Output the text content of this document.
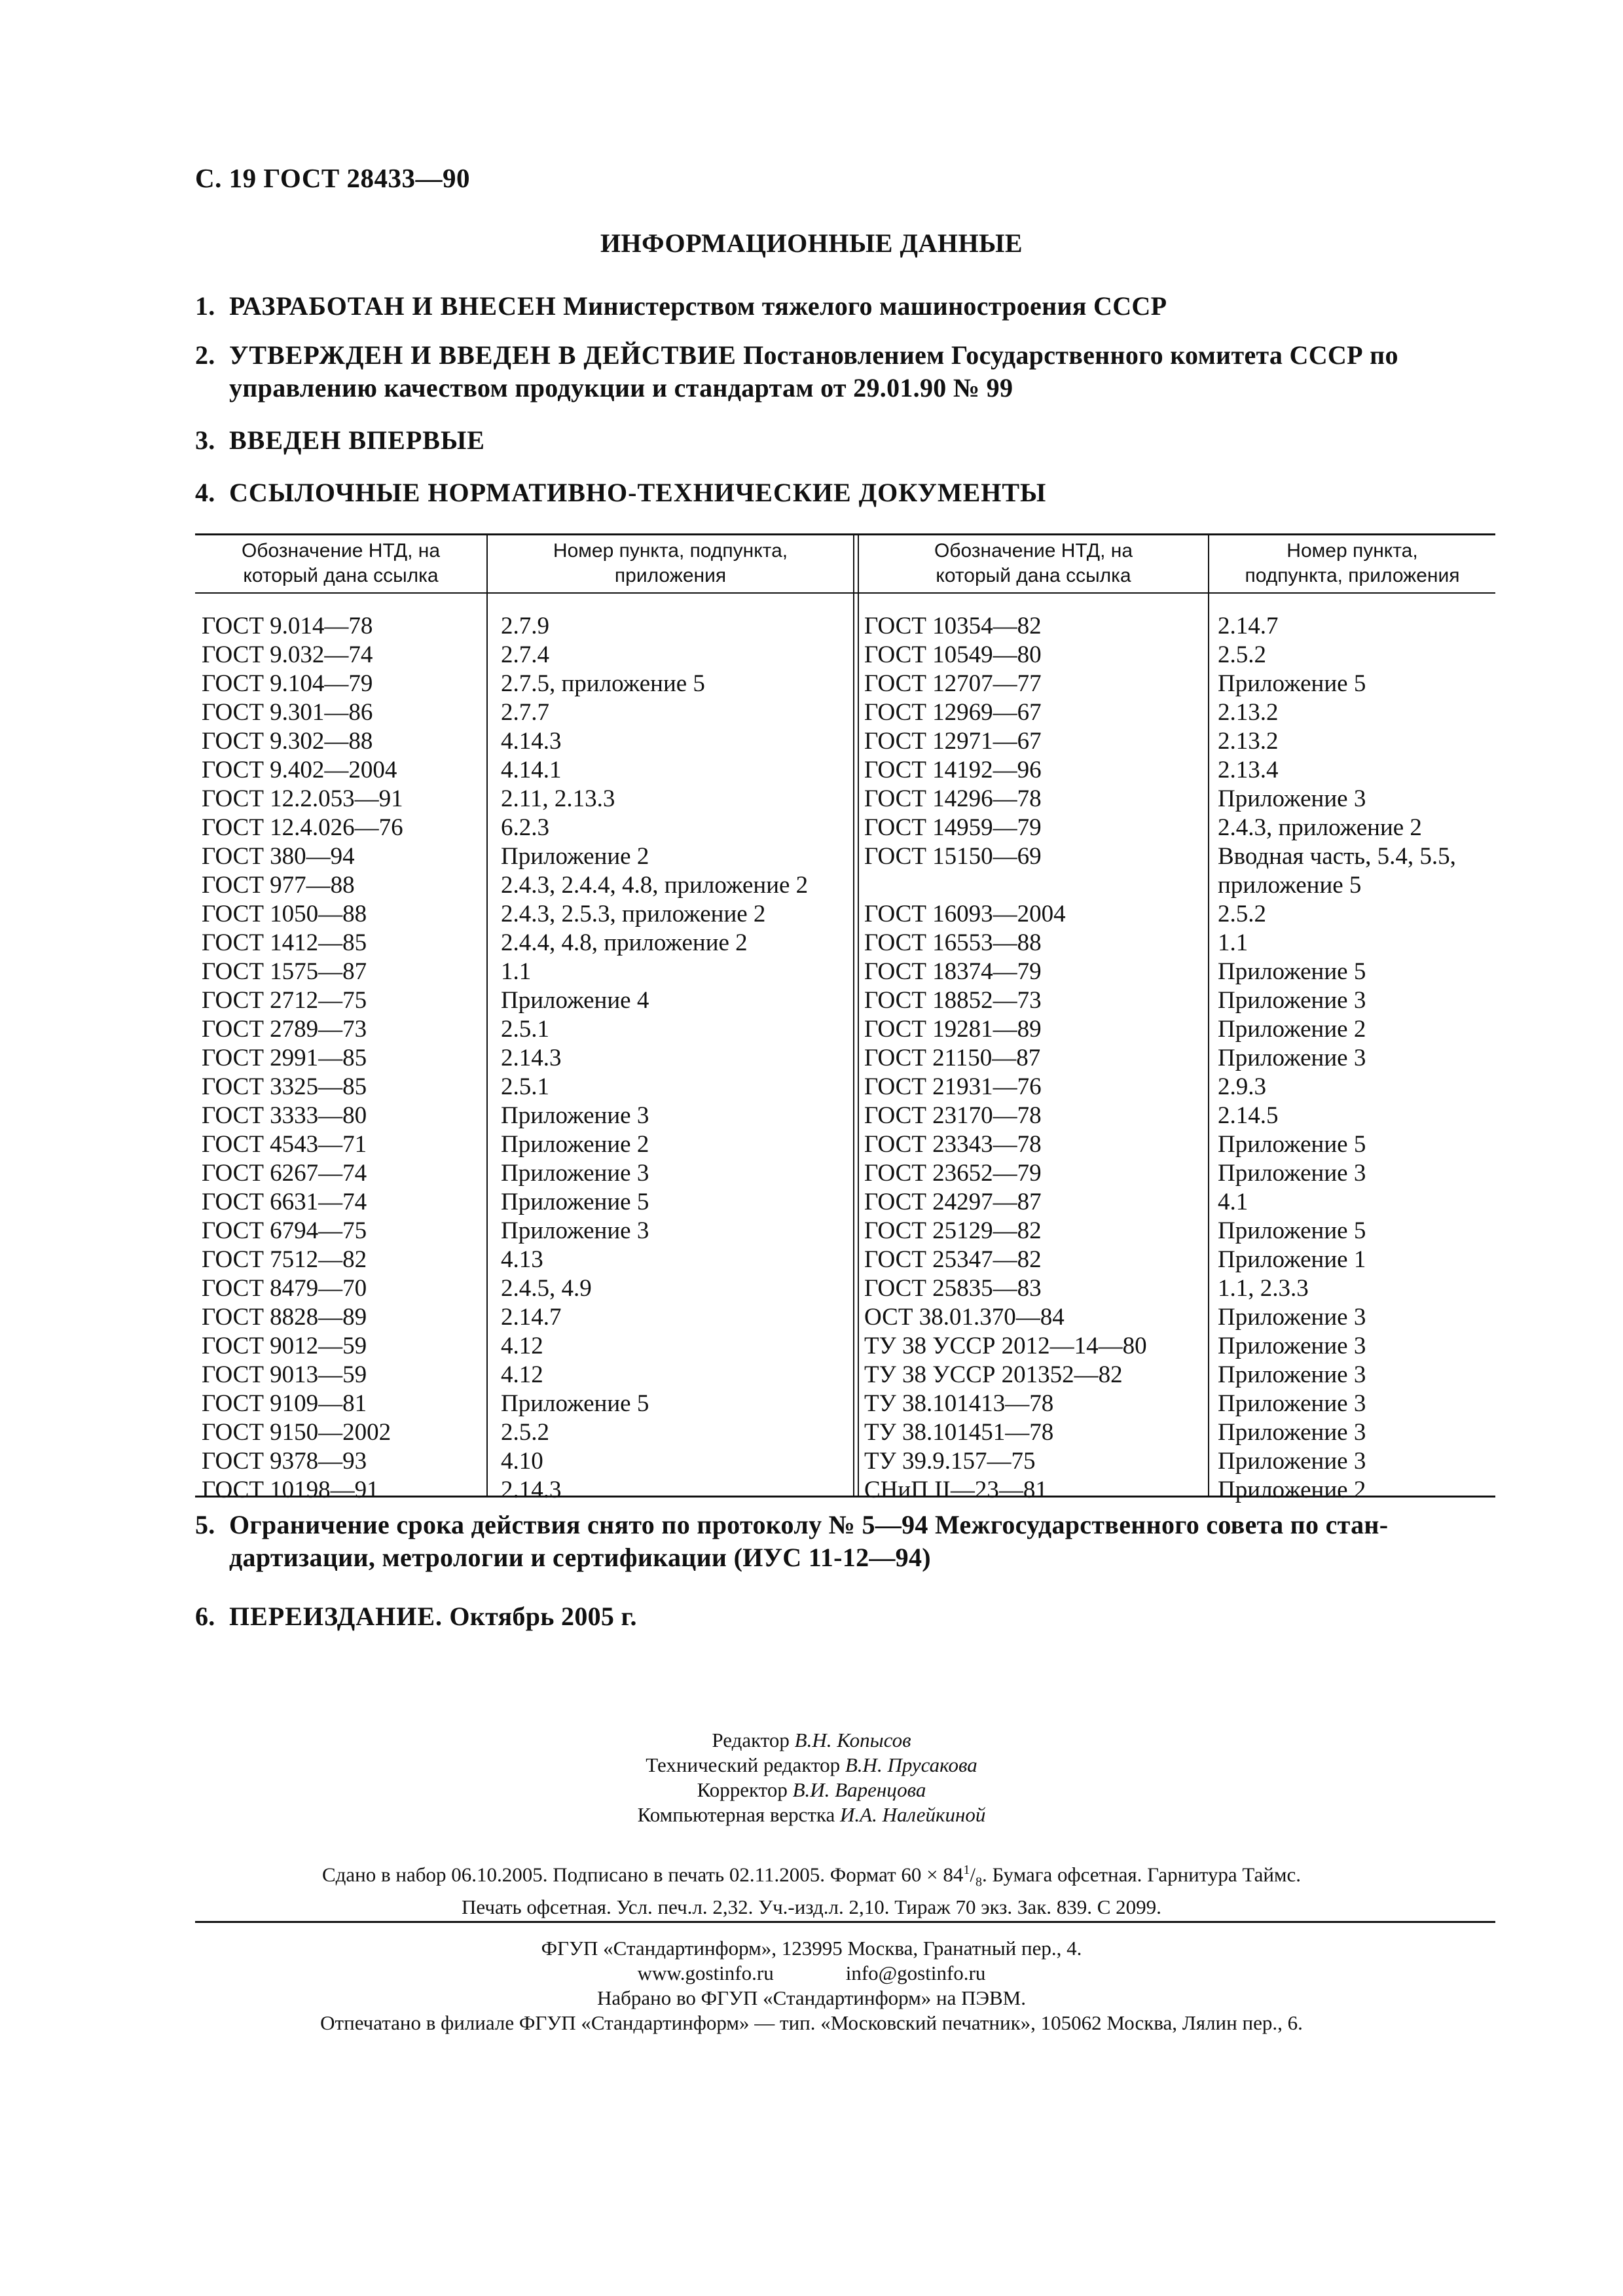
С. 19 ГОСТ 28433—90
ИНФОРМАЦИОННЫЕ ДАННЫЕ
1. РАЗРАБОТАН И ВНЕСЕН Министерством тяжелого машиностроения СССР
2. УТВЕРЖДЕН И ВВЕДЕН В ДЕЙСТВИЕ Постановлением Государственного комитета СССР по
управлению качеством продукции и стандартам от 29.01.90 № 99
3. ВВЕДЕН ВПЕРВЫЕ
4. ССЫЛОЧНЫЕ НОРМАТИВНО-ТЕХНИЧЕСКИЕ ДОКУМЕНТЫ
Обозначение НТД, на
который дана ссылка
Номер пункта, подпункта,
приложения
Обозначение НТД, на
который дана ссылка
Номер пункта,
подпункта, приложения
ГОСТ 9.014—78
ГОСТ 9.032—74
ГОСТ 9.104—79
ГОСТ 9.301—86
ГОСТ 9.302—88
ГОСТ 9.402—2004
ГОСТ 12.2.053—91
ГОСТ 12.4.026—76
ГОСТ 380—94
ГОСТ 977—88
ГОСТ 1050—88
ГОСТ 1412—85
ГОСТ 1575—87
ГОСТ 2712—75
ГОСТ 2789—73
ГОСТ 2991—85
ГОСТ 3325—85
ГОСТ 3333—80
ГОСТ 4543—71
ГОСТ 6267—74
ГОСТ 6631—74
ГОСТ 6794—75
ГОСТ 7512—82
ГОСТ 8479—70
ГОСТ 8828—89
ГОСТ 9012—59
ГОСТ 9013—59
ГОСТ 9109—81
ГОСТ 9150—2002
ГОСТ 9378—93
ГОСТ 10198—91
2.7.9
2.7.4
2.7.5, приложение 5
2.7.7
4.14.3
4.14.1
2.11, 2.13.3
6.2.3
Приложение 2
2.4.3, 2.4.4, 4.8, приложение 2
2.4.3, 2.5.3, приложение 2
2.4.4, 4.8, приложение 2
1.1
Приложение 4
2.5.1
2.14.3
2.5.1
Приложение 3
Приложение 2
Приложение 3
Приложение 5
Приложение 3
4.13
2.4.5, 4.9
2.14.7
4.12
4.12
Приложение 5
2.5.2
4.10
2.14.3
ГОСТ 10354—82
ГОСТ 10549—80
ГОСТ 12707—77
ГОСТ 12969—67
ГОСТ 12971—67
ГОСТ 14192—96
ГОСТ 14296—78
ГОСТ 14959—79
ГОСТ 15150—69
ГОСТ 16093—2004
ГОСТ 16553—88
ГОСТ 18374—79
ГОСТ 18852—73
ГОСТ 19281—89
ГОСТ 21150—87
ГОСТ 21931—76
ГОСТ 23170—78
ГОСТ 23343—78
ГОСТ 23652—79
ГОСТ 24297—87
ГОСТ 25129—82
ГОСТ 25347—82
ГОСТ 25835—83
ОСТ 38.01.370—84
ТУ 38 УССР 2012—14—80
ТУ 38 УССР 201352—82
ТУ 38.101413—78
ТУ 38.101451—78
ТУ 39.9.157—75
СНиП II—23—81
2.14.7
2.5.2
Приложение 5
2.13.2
2.13.2
2.13.4
Приложение 3
2.4.3, приложение 2
Вводная часть, 5.4, 5.5,
приложение 5
2.5.2
1.1
Приложение 5
Приложение 3
Приложение 2
Приложение 3
2.9.3
2.14.5
Приложение 5
Приложение 3
4.1
Приложение 5
Приложение 1
1.1, 2.3.3
Приложение 3
Приложение 3
Приложение 3
Приложение 3
Приложение 3
Приложение 3
Приложение 2
5. Ограничение срока действия снято по протоколу № 5—94 Межгосударственного совета по стан-
дартизации, метрологии и сертификации (ИУС 11-12—94)
6. ПЕРЕИЗДАНИЕ. Октябрь 2005 г.
Редактор В.Н. Копысов
Технический редактор В.Н. Прусакова
Корректор В.И. Варенцова
Компьютерная верстка И.А. Налейкиной
Сдано в набор 06.10.2005. Подписано в печать 02.11.2005. Формат $60 \times 84^1/_8$. Бумага офсетная. Гарнитура Таймс.
Печать офсетная. Усл. печ.л. 2,32. Уч.-изд.л. 2,10. Тираж 70 экз. Зак. 839. С 2099.
ФГУП «Стандартинформ», 123995 Москва, Гранатный пер., 4.
www.gostinfo.ru	info@gostinfo.ru
Набрано во ФГУП «Стандартинформ» на ПЭВМ.
Отпечатано в филиале ФГУП «Стандартинформ» — тип. «Московский печатник», 105062 Москва, Лялин пер., 6.
